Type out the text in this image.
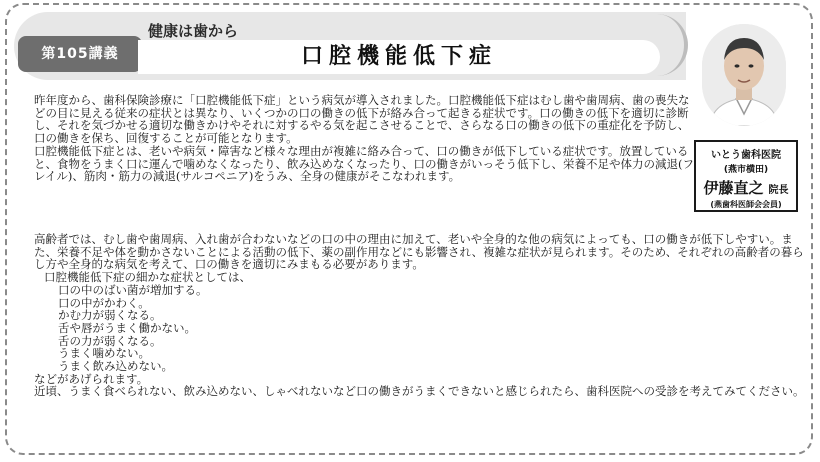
第105講義
健康は歯から
口腔機能低下症
いとう歯科医院
(燕市横田)
伊藤直之 院長
(燕歯科医師会会員)

昨年度から、歯科保険診療に「口腔機能低下症」という病気が導入されました。口腔機能低下症はむし歯や歯周病、歯の喪失などの目に見える従来の症状とは異なり、いくつかの口の働きの低下が絡み合って起きる症状です。口の働きの低下を適切に診断し、それを気づかせる適切な働きかけやそれに対するやる気を起こさせることで、さらなる口の働きの低下の重症化を予防し、口の働きを保ち、回復することが可能となります。

口腔機能低下症とは、老いや病気・障害など様々な理由が複雑に絡み合って、口の働きが低下している症状です。放置していると、食物をうまく口に運んで噛めなくなったり、飲み込めなくなったり、口の働きがいっそう低下し、栄養不足や体力の減退(フレイル)、筋肉・筋力の減退(サルコペニア)をうみ、全身の健康がそこなわれます。

高齢者では、むし歯や歯周病、入れ歯が合わないなどの口の中の理由に加えて、老いや全身的な他の病気によっても、口の働きが低下しやすい。また、栄養不足や体を動かさないことによる活動の低下、薬の副作用などにも影響され、複雑な症状が見られます。そのため、それぞれの高齢者の暮らし方や全身的な病気を考えて、口の働きを適切にみまもる必要があります。

口腔機能低下症の細かな症状としては、

口の中のばい菌が増加する。

口の中がかわく。

かむ力が弱くなる。

舌や唇がうまく働かない。

舌の力が弱くなる。

うまく噛めない。

うまく飲み込めない。

などがあげられます。

近頃、うまく食べられない、飲み込めない、しゃべれないなど口の働きがうまくできないと感じられたら、歯科医院への受診を考えてみてください。
